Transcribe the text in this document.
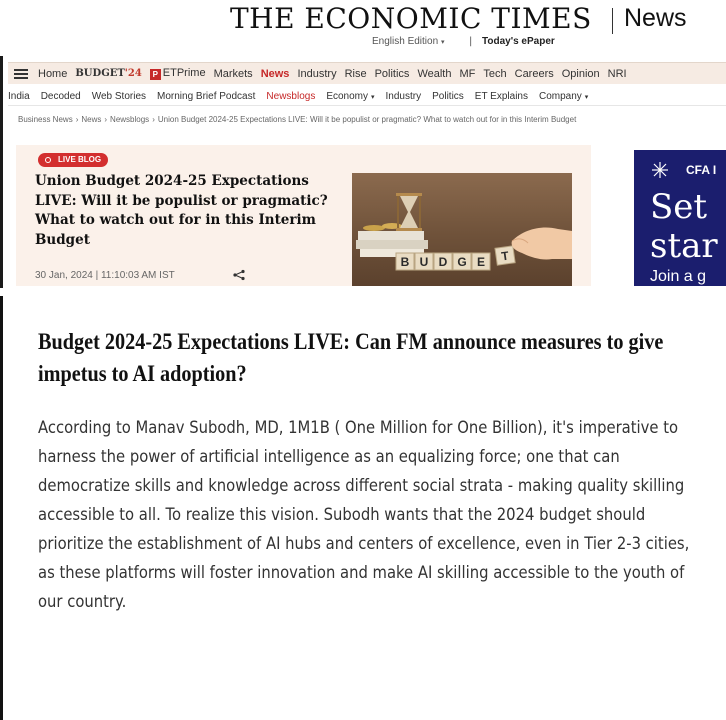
THE ECONOMIC TIMES News
English Edition ▾ | Today's ePaper
Home BUDGET'24	P ETPrime Markets News Industry Rise Politics Wealth MF Tech Careers Opinion NRI
India Decoded Web Stories Morning Brief Podcast Newsblogs Economy ▾ Industry Politics ET Explains Company ▾
Business News › News › Newsblogs › Union Budget 2024-25 Expectations LIVE: Will it be populist or pragmatic? What to watch out for in this Interim Budget
LIVE BLOG
Union Budget 2024-25 Expectations LIVE: Will it be populist or pragmatic? What to watch out for in this Interim Budget
30 Jan, 2024 | 11:10:03 AM IST
B U D G E T
CFA I
Set
star
Join a g
Budget 2024-25 Expectations LIVE: Can FM announce measures to give impetus to AI adoption?

According to Manav Subodh, MD, 1M1B ( One Million for One Billion), it's imperative to harness the power of artificial intelligence as an equalizing force; one that can democratize skills and knowledge across different social strata - making quality skilling accessible to all. To realize this vision. Subodh wants that the 2024 budget should prioritize the establishment of AI hubs and centers of excellence, even in Tier 2-3 cities, as these platforms will foster innovation and make AI skilling accessible to the youth of our country.
